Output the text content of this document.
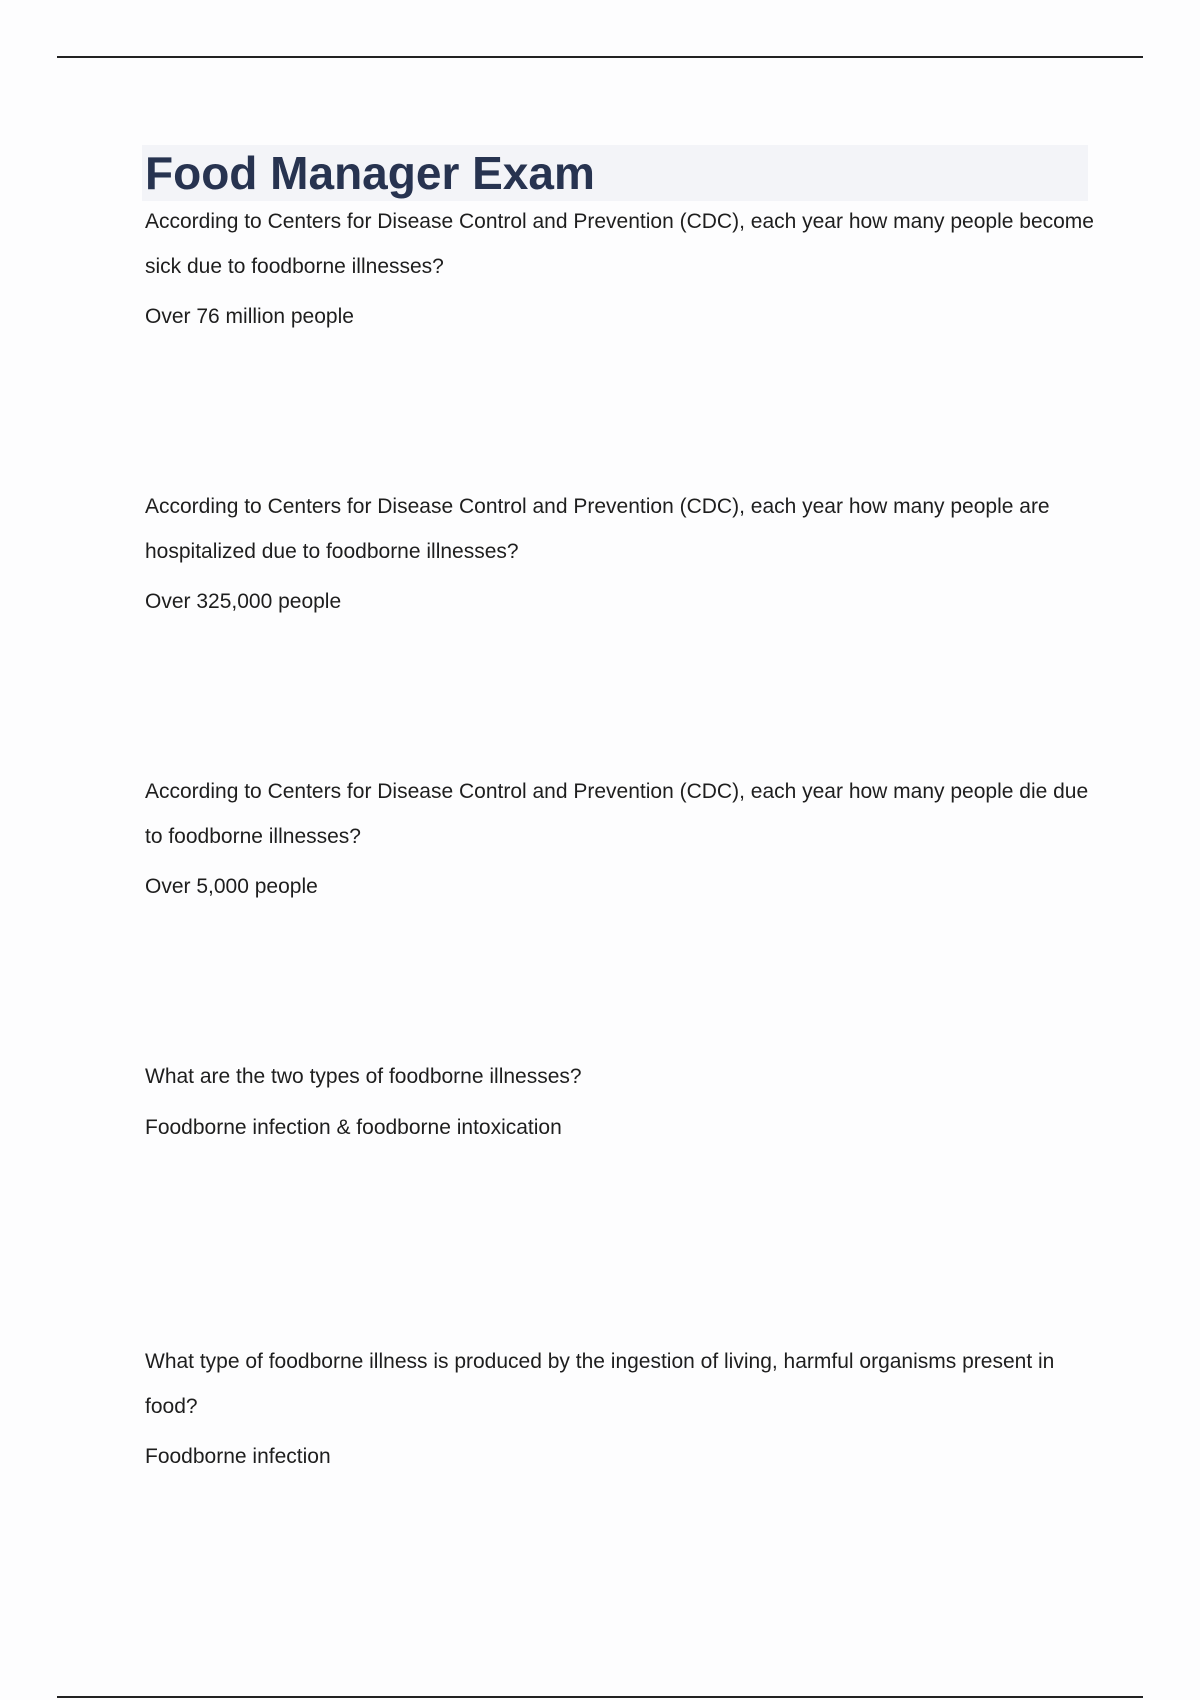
Food Manager Exam

According to Centers for Disease Control and Prevention (CDC), each year how many people become sick due to foodborne illnesses?

Over 76 million people

According to Centers for Disease Control and Prevention (CDC), each year how many people are hospitalized due to foodborne illnesses?

Over 325,000 people

According to Centers for Disease Control and Prevention (CDC), each year how many people die due to foodborne illnesses?

Over 5,000 people

What are the two types of foodborne illnesses?

Foodborne infection & foodborne intoxication

What type of foodborne illness is produced by the ingestion of living, harmful organisms present in food?

Foodborne infection
